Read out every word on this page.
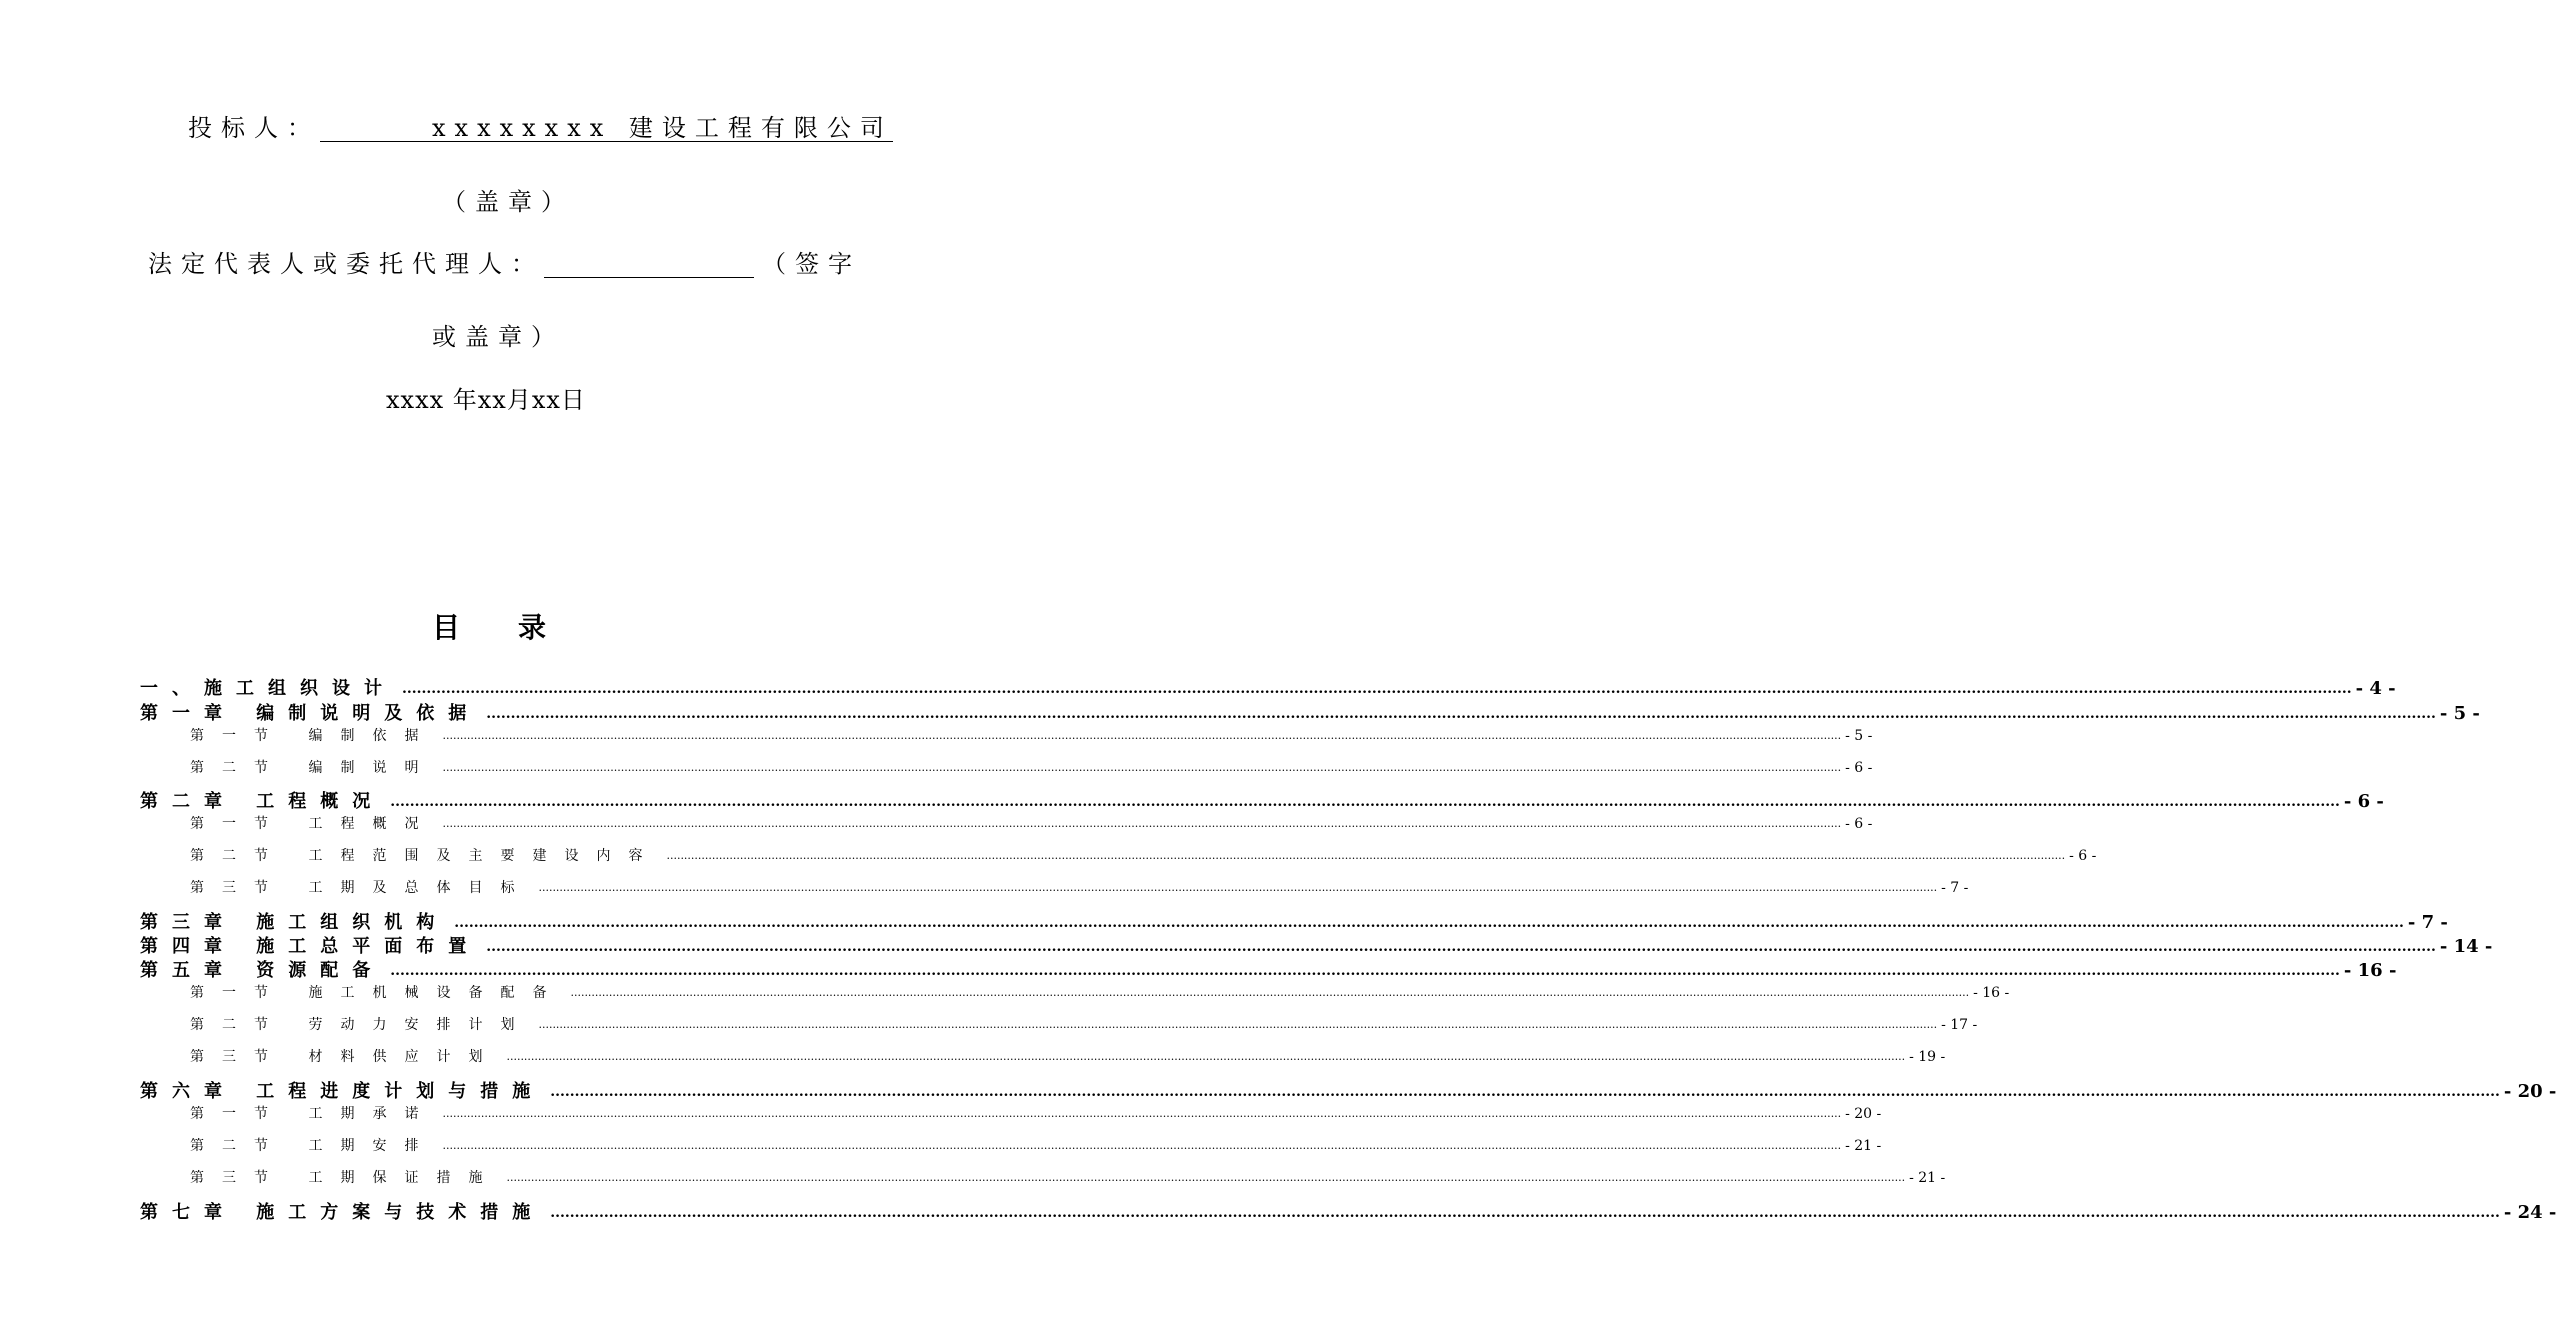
投标人：	xxxxxxxx 建设工程有限公司
（盖章）
法定代表人或委托代理人：	（签字
或盖章）
xxxx 年xx月xx日
目录
一、施工组织设计 ................................................................................................................................................................................................................................................................................................................................................................................................................ - 4 -
第一章 编制说明及依据 ................................................................................................................................................................................................................................................................................................................................................................................................................ - 5 -
第一节 编制依据 ................................................................................................................................................................................................................................................................................................................................................................................................................ - 5 -
第二节 编制说明 ................................................................................................................................................................................................................................................................................................................................................................................................................ - 6 -
第二章 工程概况 ................................................................................................................................................................................................................................................................................................................................................................................................................ - 6 -
第一节 工程概况 ................................................................................................................................................................................................................................................................................................................................................................................................................ - 6 -
第二节 工程范围及主要建设内容 ................................................................................................................................................................................................................................................................................................................................................................................................................ - 6 -
第三节 工期及总体目标 ................................................................................................................................................................................................................................................................................................................................................................................................................ - 7 -
第三章 施工组织机构 ................................................................................................................................................................................................................................................................................................................................................................................................................ - 7 -
第四章 施工总平面布置 ................................................................................................................................................................................................................................................................................................................................................................................................................ - 14 -
第五章 资源配备 ................................................................................................................................................................................................................................................................................................................................................................................................................ - 16 -
第一节 施工机械设备配备 ................................................................................................................................................................................................................................................................................................................................................................................................................ - 16 -
第二节 劳动力安排计划 ................................................................................................................................................................................................................................................................................................................................................................................................................ - 17 -
第三节 材料供应计划 ................................................................................................................................................................................................................................................................................................................................................................................................................ - 19 -
第六章 工程进度计划与措施 ................................................................................................................................................................................................................................................................................................................................................................................................................ - 20 -
第一节 工期承诺 ................................................................................................................................................................................................................................................................................................................................................................................................................ - 20 -
第二节 工期安排 ................................................................................................................................................................................................................................................................................................................................................................................................................ - 21 -
第三节 工期保证措施 ................................................................................................................................................................................................................................................................................................................................................................................................................ - 21 -
第七章 施工方案与技术措施 ................................................................................................................................................................................................................................................................................................................................................................................................................ - 24 -
